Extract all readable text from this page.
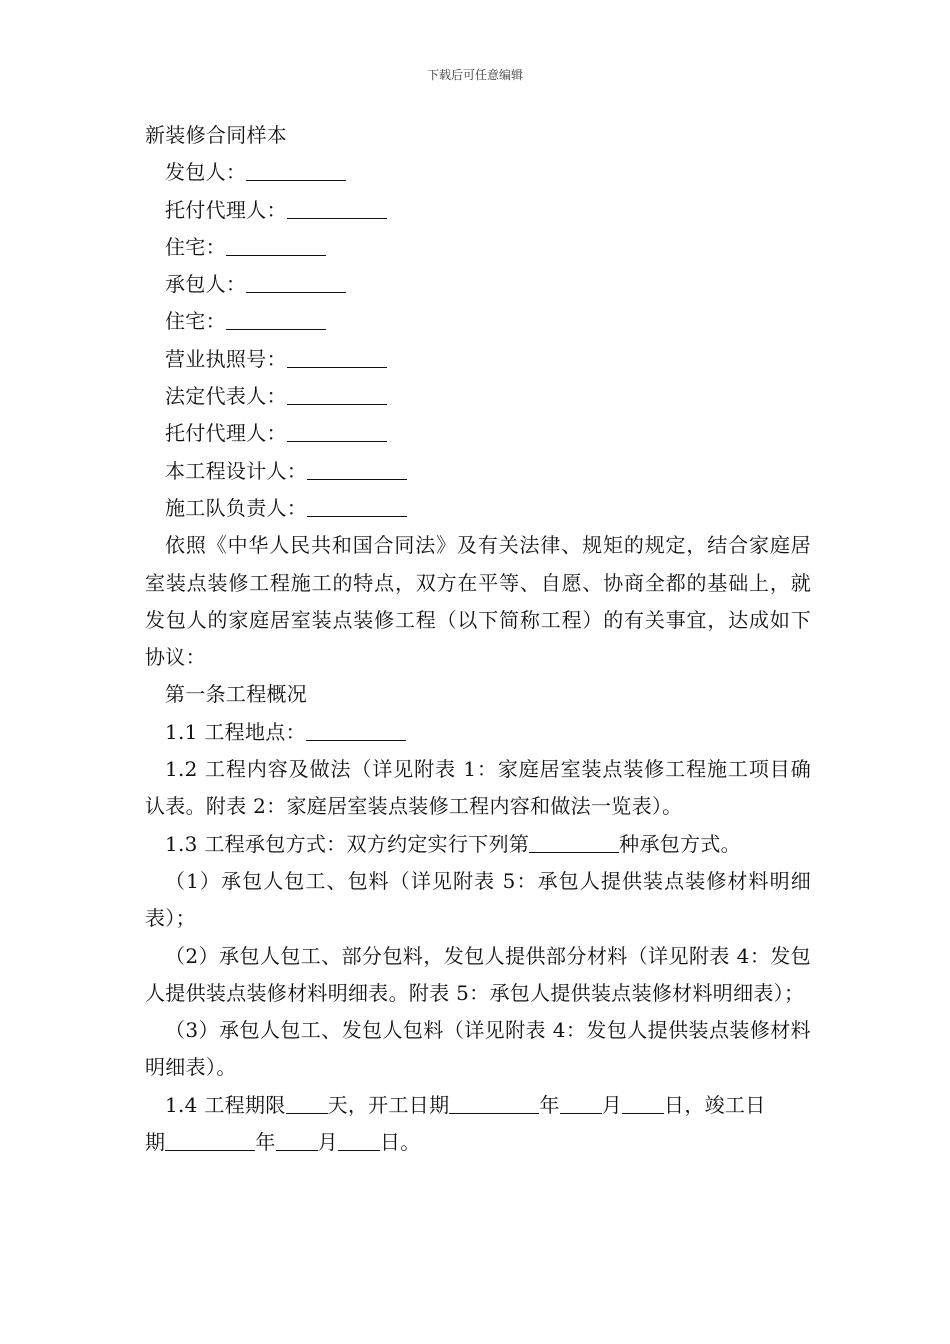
下载后可任意编辑
新装修合同样本
发包人：
托付代理人：
住宅：
承包人：
住宅：
营业执照号：
法定代表人：
托付代理人：
本工程设计人：
施工队负责人：
依照《中华人民共和国合同法》及有关法律、规矩的规定，结合家庭居室装点装修工程施工的特点，双方在平等、自愿、协商全都的基础上，就发包人的家庭居室装点装修工程（以下简称工程）的有关事宜，达成如下协议：
第一条工程概况
1.1 工程地点：
1.2 工程内容及做法（详见附表 1：家庭居室装点装修工程施工项目确认表。附表 2：家庭居室装点装修工程内容和做法一览表）。
1.3 工程承包方式：双方约定实行下列第	种承包方式。
（1）承包人包工、包料（详见附表 5：承包人提供装点装修材料明细表）；
（2）承包人包工、部分包料，发包人提供部分材料（详见附表 4：发包人提供装点装修材料明细表。附表 5：承包人提供装点装修材料明细表）；
（3）承包人包工、发包人包料（详见附表 4：发包人提供装点装修材料明细表）。
1.4 工程期限 天，开工日期	年 月 日，竣工日
期	年 月 日。
